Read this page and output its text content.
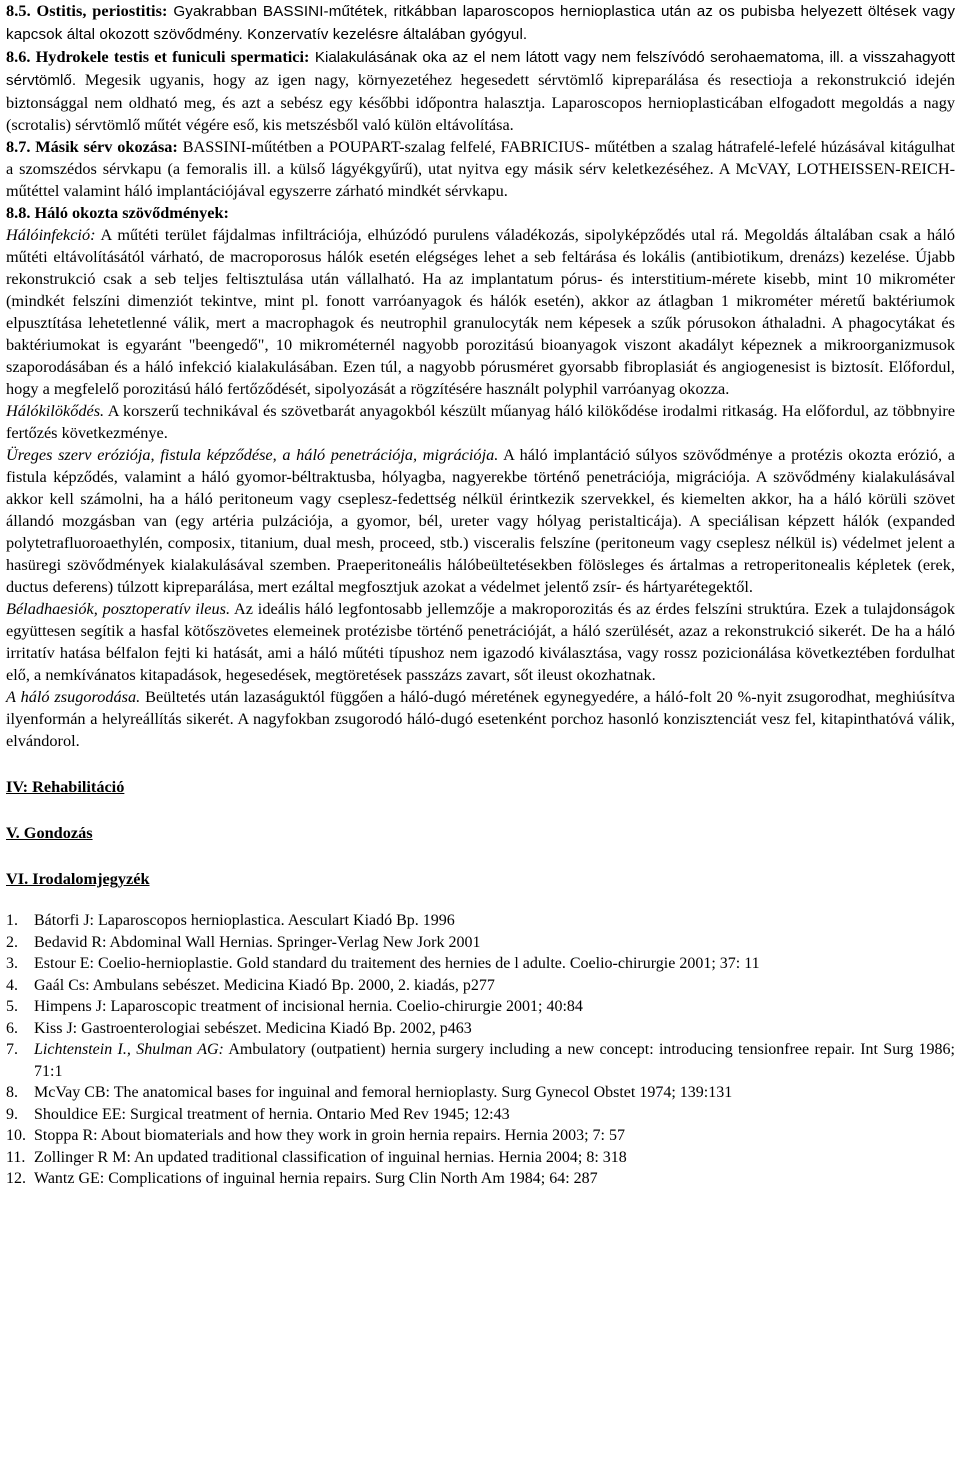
8.5. Ostitis, periostitis: Gyakrabban BASSINI-műtétek, ritkábban laparoscopos hernioplastica után az os pubisba helyezett öltések vagy kapcsok által okozott szövődmény. Konzervatív kezelésre általában gyógyul.

8.6. Hydrokele testis et funiculi spermatici: Kialakulásának oka az el nem látott vagy nem felszívódó serohaematoma, ill. a visszahagyott sérvtömlő. Megesik ugyanis, hogy az igen nagy, környezetéhez hegesedett sérvtömlő kipreparálása és resectioja a rekonstrukció idején biztonsággal nem oldható meg, és azt a sebész egy későbbi időpontra halasztja. Laparoscopos hernioplasticában elfogadott megoldás a nagy (scrotalis) sérvtömlő műtét végére eső, kis metszésből való külön eltávolítása.

8.7. Másik sérv okozása: BASSINI-műtétben a POUPART-szalag felfelé, FABRICIUS- műtétben a szalag hátrafelé-lefelé húzásával kitágulhat a szomszédos sérvkapu (a femoralis ill. a külső lágyékgyűrű), utat nyitva egy másik sérv keletkezéséhez. A McVAY, LOTHEISSEN-REICH-műtéttel valamint háló implantációjával egyszerre zárható mindkét sérvkapu.

8.8. Háló okozta szövődmények:

Hálóinfekció: A műtéti terület fájdalmas infiltrációja, elhúzódó purulens váladékozás, sipolyképződés utal rá. Megoldás általában csak a háló műtéti eltávolításától várható, de macroporosus hálók esetén elégséges lehet a seb feltárása és lokális (antibiotikum, drenázs) kezelése. Újabb rekonstrukció csak a seb teljes feltisztulása után vállalható. Ha az implantatum pórus- és interstitium-mérete kisebb, mint 10 mikrométer (mindkét felszíni dimenziót tekintve, mint pl. fonott varróanyagok és hálók esetén), akkor az átlagban 1 mikrométer méretű baktériumok elpusztítása lehetetlenné válik, mert a macrophagok és neutrophil granulocyták nem képesek a szűk pórusokon áthaladni. A phagocytákat és baktériumokat is egyaránt "beengedő", 10 mikrométernél nagyobb porozitású bioanyagok viszont akadályt képeznek a mikroorganizmusok szaporodásában és a háló infekció kialakulásában. Ezen túl, a nagyobb pórusméret gyorsabb fibroplasiát és angiogenesist is biztosít. Előfordul, hogy a megfelelő porozitású háló fertőződését, sipolyozását a rögzítésére használt polyphil varróanyag okozza.

Hálókilökődés. A korszerű technikával és szövetbarát anyagokból készült műanyag háló kilökődése irodalmi ritkaság. Ha előfordul, az többnyire fertőzés következménye.

Üreges szerv eróziója, fistula képződése, a háló penetrációja, migrációja. A háló implantáció súlyos szövődménye a protézis okozta erózió, a fistula képződés, valamint a háló gyomor-béltraktusba, hólyagba, nagyerekbe történő penetrációja, migrációja. A szövődmény kialakulásával akkor kell számolni, ha a háló peritoneum vagy cseplesz-fedettség nélkül érintkezik szervekkel, és kiemelten akkor, ha a háló körüli szövet állandó mozgásban van (egy artéria pulzációja, a gyomor, bél, ureter vagy hólyag peristalticája). A speciálisan képzett hálók (expanded polytetrafluoroaethylén, composix, titanium, dual mesh, proceed, stb.) visceralis felszíne (peritoneum vagy cseplesz nélkül is) védelmet jelent a hasüregi szövődmények kialakulásával szemben. Praeperitoneális hálóbeültetésekben fölösleges és ártalmas a retroperitonealis képletek (erek, ductus deferens) túlzott kipreparálása, mert ezáltal megfosztjuk azokat a védelmet jelentő zsír- és hártyarétegektől.

Béladhaesiók, posztoperatív ileus. Az ideális háló legfontosabb jellemzője a makroporozitás és az érdes felszíni struktúra. Ezek a tulajdonságok együttesen segítik a hasfal kötőszövetes elemeinek protézisbe történő penetrációját, a háló szerülését, azaz a rekonstrukció sikerét. De ha a háló irritatív hatása bélfalon fejti ki hatását, ami a háló műtéti típushoz nem igazodó kiválasztása, vagy rossz pozicionálása következtében fordulhat elő, a nemkívánatos kitapadások, hegesedések, megtöretések passzázs zavart, sőt ileust okozhatnak.

A háló zsugorodása. Beültetés után lazaságuktól függően a háló-dugó méretének egynegyedére, a háló-folt 20 %-nyit zsugorodhat, meghiúsítva ilyenformán a helyreállítás sikerét. A nagyfokban zsugorodó háló-dugó esetenként porchoz hasonló konzisztenciát vesz fel, kitapinthatóvá válik, elvándorol.

IV: Rehabilitáció

V. Gondozás

VI. Irodalomjegyzék

1.	Bátorfi J: Laparoscopos hernioplastica. Aesculart Kiadó Bp. 1996
2.	Bedavid R: Abdominal Wall Hernias. Springer-Verlag New Jork 2001
3.	Estour E: Coelio-hernioplastie. Gold standard du traitement des hernies de l adulte. Coelio-chirurgie 2001; 37: 11
4.	Gaál Cs: Ambulans sebészet. Medicina Kiadó Bp. 2000, 2. kiadás, p277
5.	Himpens J: Laparoscopic treatment of incisional hernia. Coelio-chirurgie 2001; 40:84
6.	Kiss J: Gastroenterologiai sebészet. Medicina Kiadó Bp. 2002, p463
7.	Lichtenstein I., Shulman AG: Ambulatory (outpatient) hernia surgery including a new concept: introducing tensionfree repair. Int Surg 1986; 71:1
8.	McVay CB: The anatomical bases for inguinal and femoral hernioplasty. Surg Gynecol Obstet 1974; 139:131
9.	Shouldice EE: Surgical treatment of hernia. Ontario Med Rev 1945; 12:43
10. Stoppa R: About biomaterials and how they work in groin hernia repairs. Hernia 2003; 7: 57
11. Zollinger R M: An updated traditional classification of inguinal hernias. Hernia 2004; 8: 318
12. Wantz GE: Complications of inguinal hernia repairs. Surg Clin North Am 1984; 64: 287
